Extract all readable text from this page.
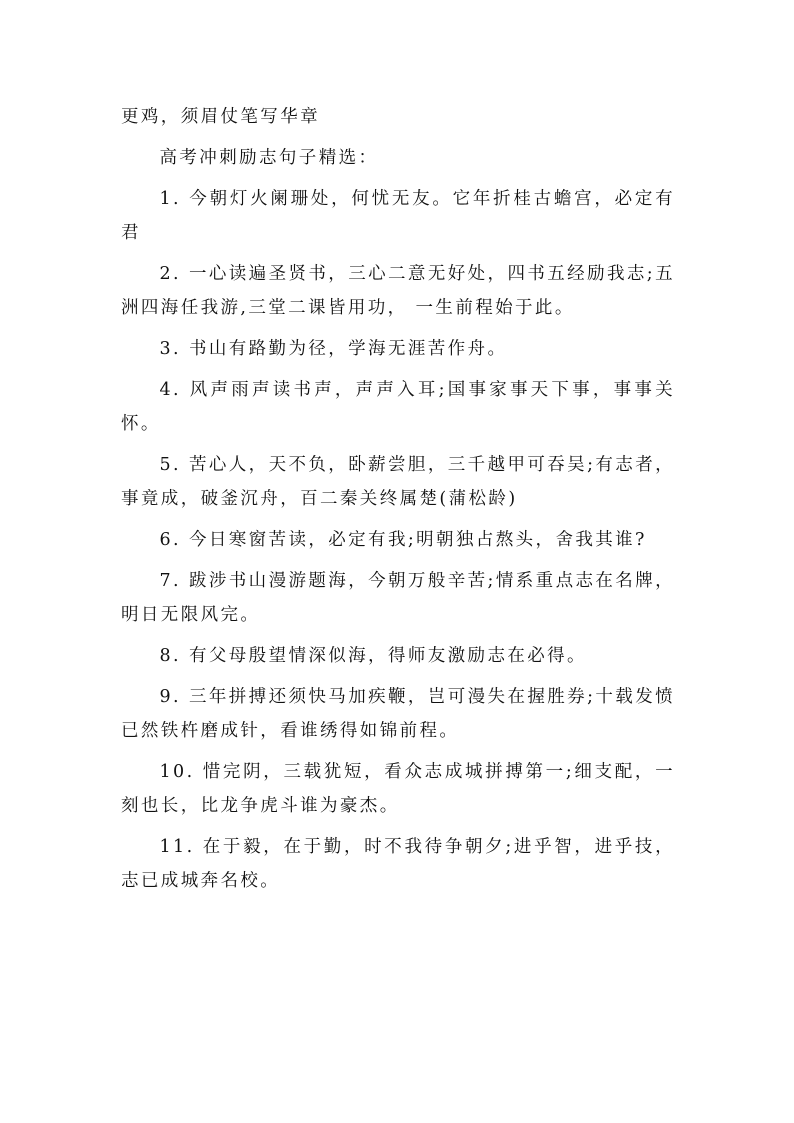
更鸡，须眉仗笔写华章

高考冲刺励志句子精选：

1. 今朝灯火阑珊处，何忧无友。它年折桂古蟾宫，必定有君

2. 一心读遍圣贤书，三心二意无好处，四书五经励我志;五洲四海任我游,三堂二课皆用功， 一生前程始于此。

3. 书山有路勤为径，学海无涯苦作舟。

4. 风声雨声读书声，声声入耳;国事家事天下事，事事关怀。

5. 苦心人，天不负，卧薪尝胆，三千越甲可吞吴;有志者，事竟成，破釜沉舟，百二秦关终属楚(蒲松龄)

6. 今日寒窗苦读，必定有我;明朝独占熬头，舍我其谁?

7. 跋涉书山漫游题海，今朝万般辛苦;情系重点志在名牌，明日无限风完。

8. 有父母殷望情深似海，得师友激励志在必得。

9. 三年拼搏还须快马加疾鞭，岂可漫失在握胜券;十载发愤已然铁杵磨成针，看谁绣得如锦前程。

10. 惜完阴，三载犹短，看众志成城拼搏第一;细支配，一刻也长，比龙争虎斗谁为豪杰。

11. 在于毅，在于勤，时不我待争朝夕;进乎智，进乎技，志已成城奔名校。
